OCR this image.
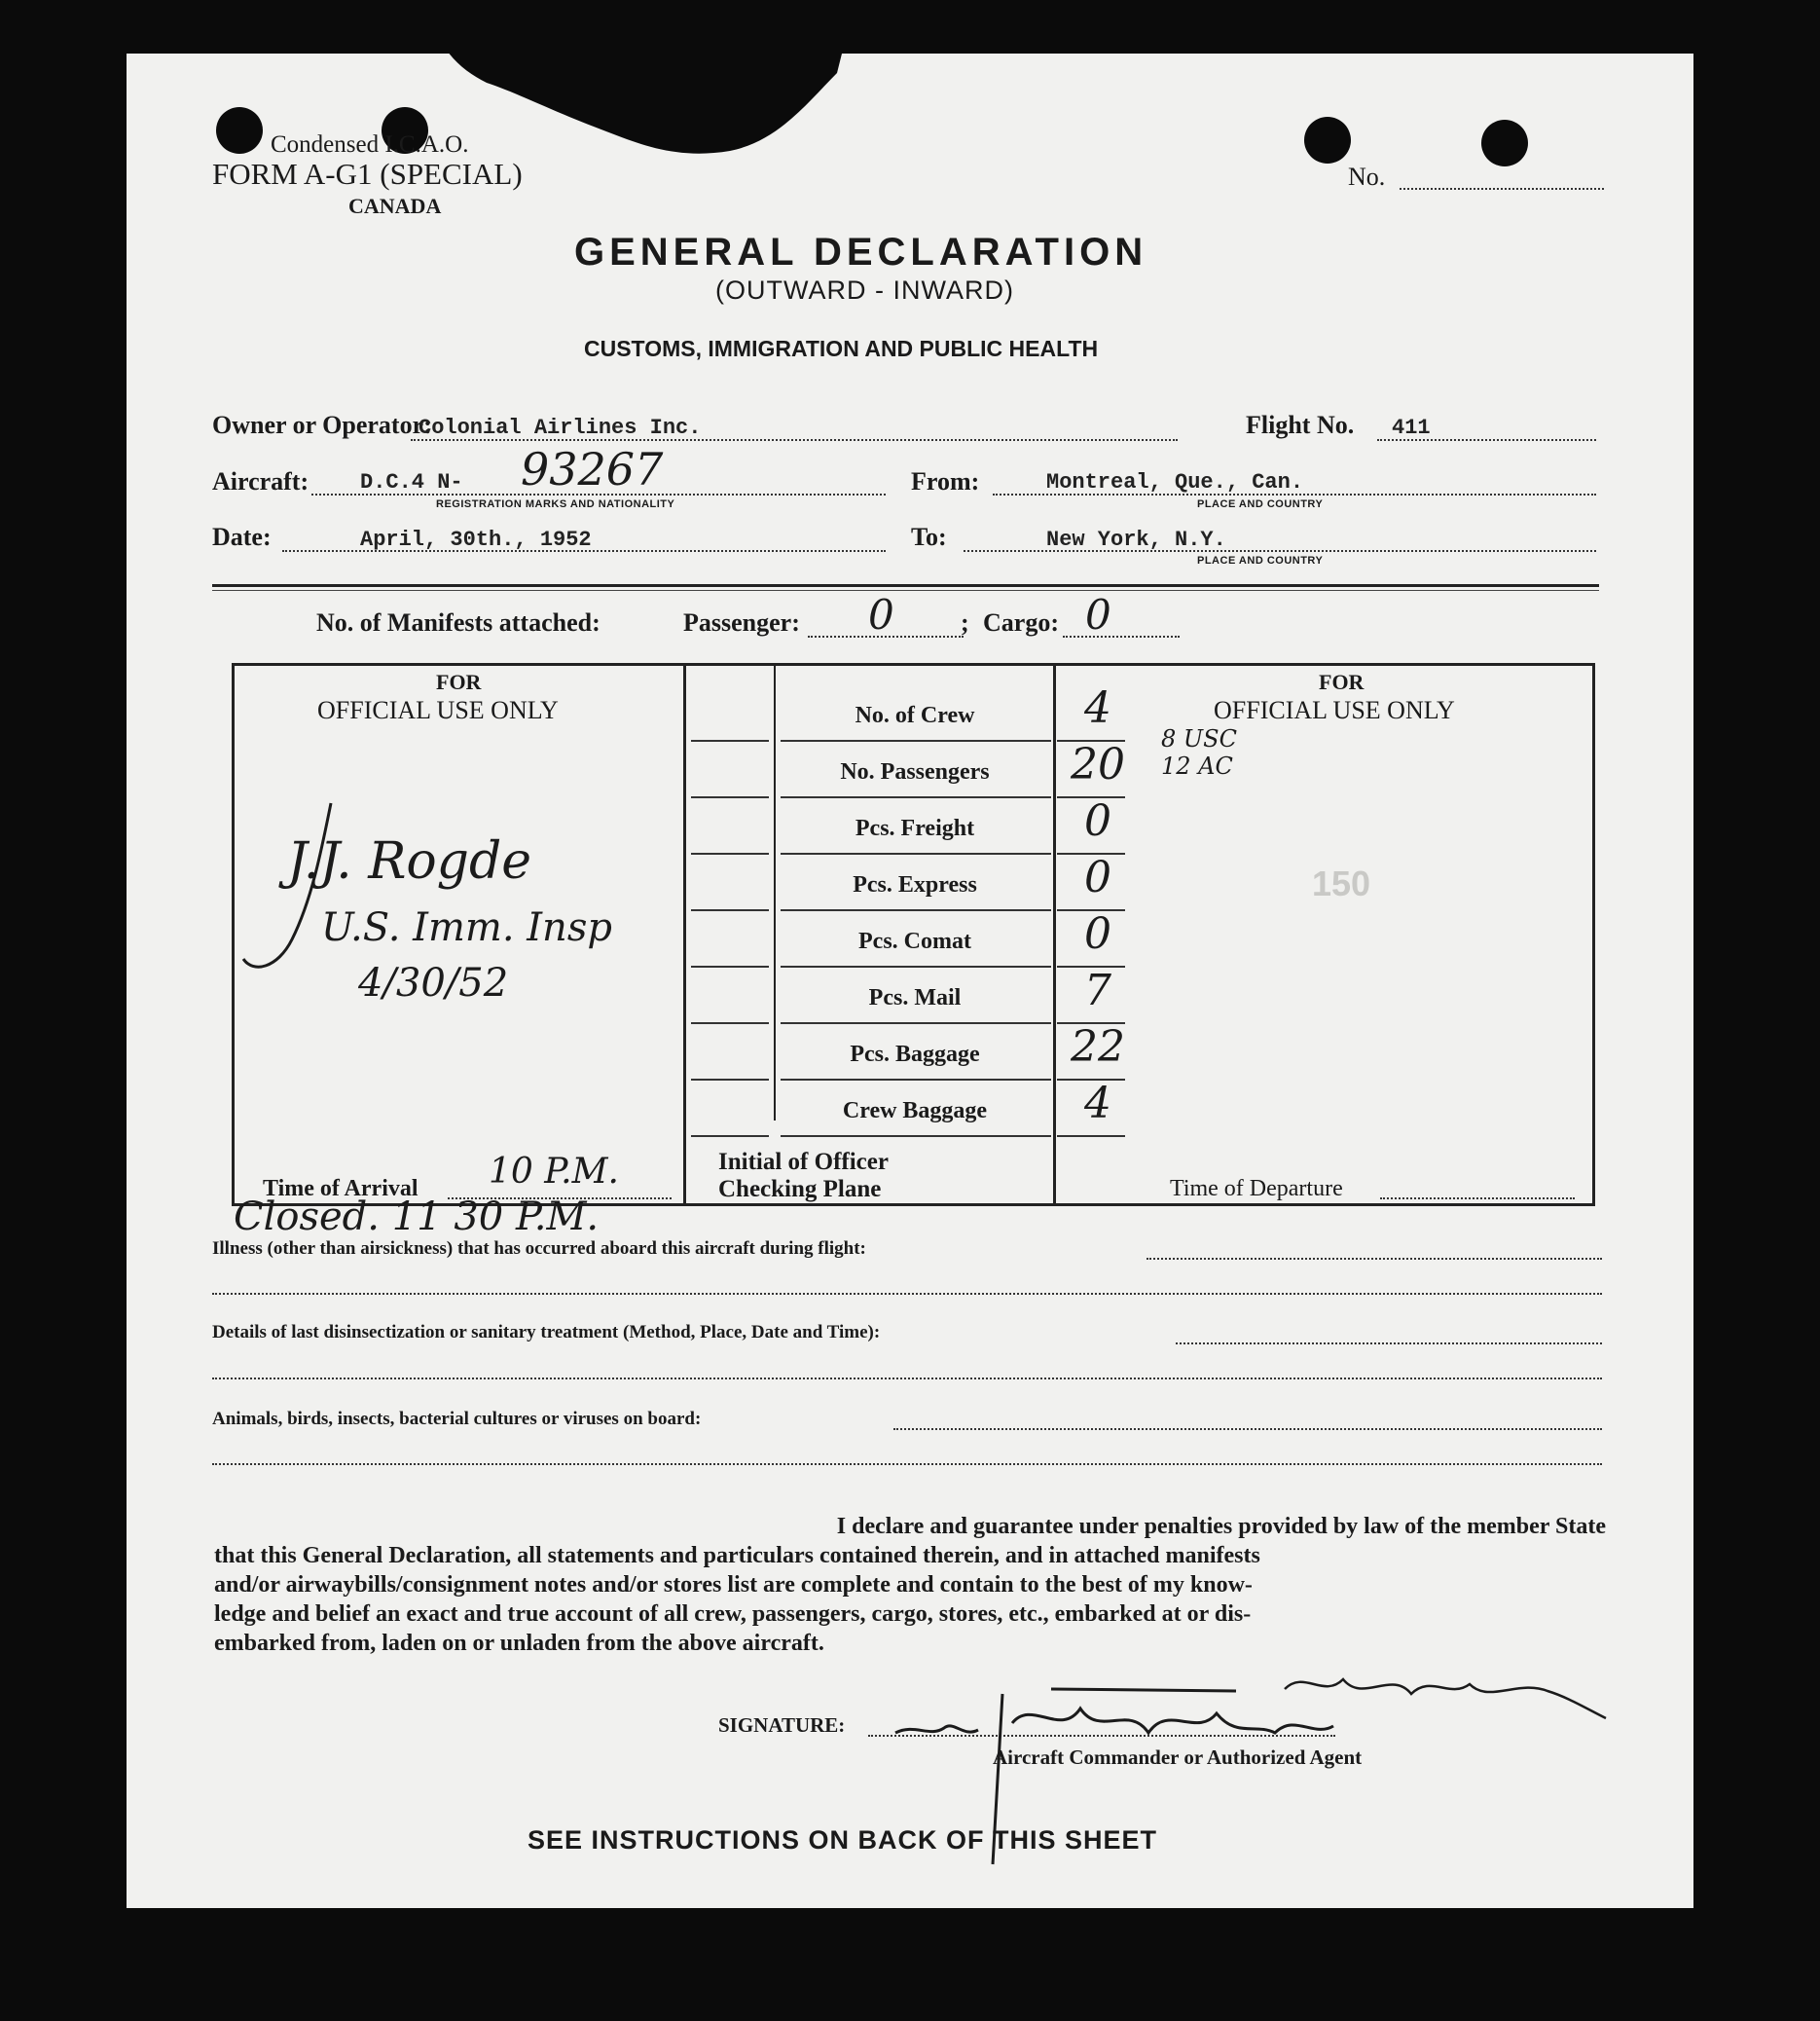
Condensed I.C.A.O.
FORM A-G1 (SPECIAL)
CANADA
No.
GENERAL DECLARATION
(OUTWARD - INWARD)
CUSTOMS, IMMIGRATION AND PUBLIC HEALTH
Owner or Operator:
Colonial Airlines Inc.	Flight No. 411
Aircraft: D.C.4 N- 93267
REGISTRATION MARKS AND NATIONALITY
From:	Montreal, Que., Can.
PLACE AND COUNTRY
Date:	April, 30th., 1952	To:	New York, N.Y.
PLACE AND COUNTRY
No. of Manifests attached:	Passenger: 0	; Cargo: 0
FOR
OFFICIAL USE ONLY
J.J. Rogde
U.S. Imm. Insp
4/30/52
Time of Arrival 10 P.M.
No. of Crew	4
No. Passengers	20
Pcs. Freight	0
Pcs. Express	0
Pcs. Comat	0
Pcs. Mail	7
Pcs. Baggage	22
Crew Baggage	4
Initial of Officer
Checking Plane
FOR
OFFICIAL USE ONLY
8 USC
12 AC
150
Time of Departure
Closed. 11 30 P.M.
Illness (other than airsickness) that has occurred aboard this aircraft during flight:
Details of last disinsectization or sanitary treatment (Method, Place, Date and Time):
Animals, birds, insects, bacterial cultures or viruses on board:
I declare and guarantee under penalties provided by law of the member State
that this General Declaration, all statements and particulars contained therein, and in attached manifests
and/or airwaybills/consignment notes and/or stores list are complete and contain to the best of my know-
ledge and belief an exact and true account of all crew, passengers, cargo, stores, etc., embarked at or dis-
embarked from, laden on or unladen from the above aircraft.
SIGNATURE:
Aircraft Commander or Authorized Agent
SEE INSTRUCTIONS ON BACK OF THIS SHEET
